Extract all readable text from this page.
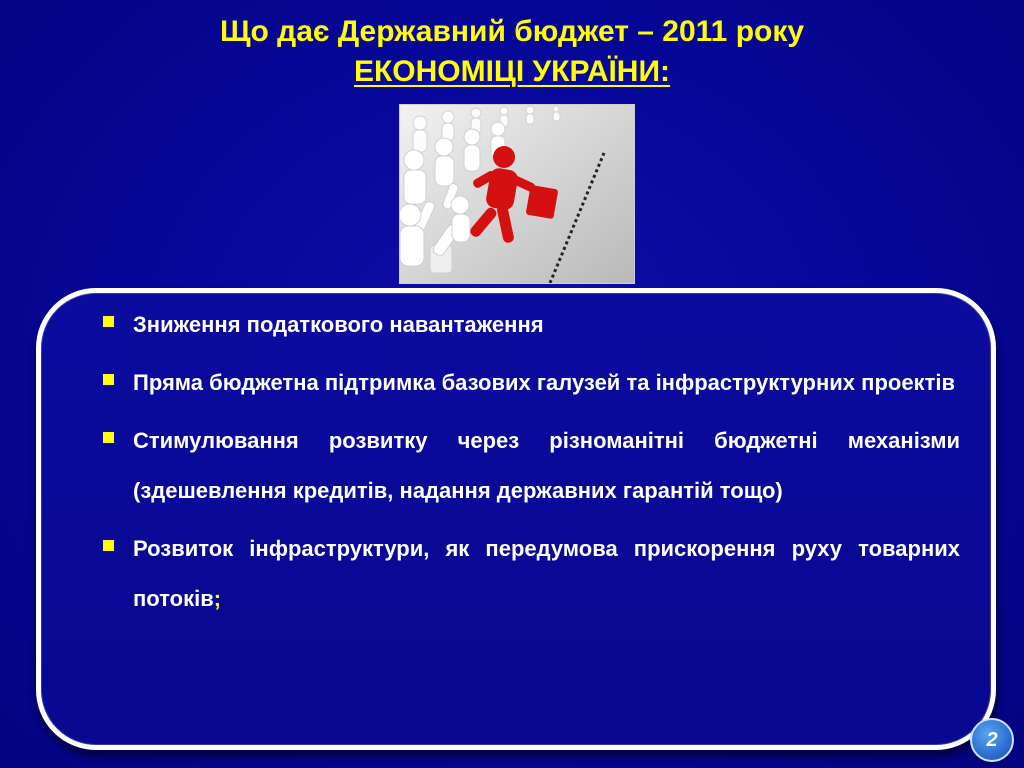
Що дає Державний бюджет – 2011 року
ЕКОНОМІЦІ УКРАЇНИ:
Зниження податкового навантаження
Пряма бюджетна підтримка базових галузей та інфраструктурних проектів
Стимулювання розвитку через різноманітні бюджетні механізми (здешевлення кредитів, надання державних гарантій тощо)
Розвиток інфраструктури, як передумова прискорення руху товарних потоків;
2
